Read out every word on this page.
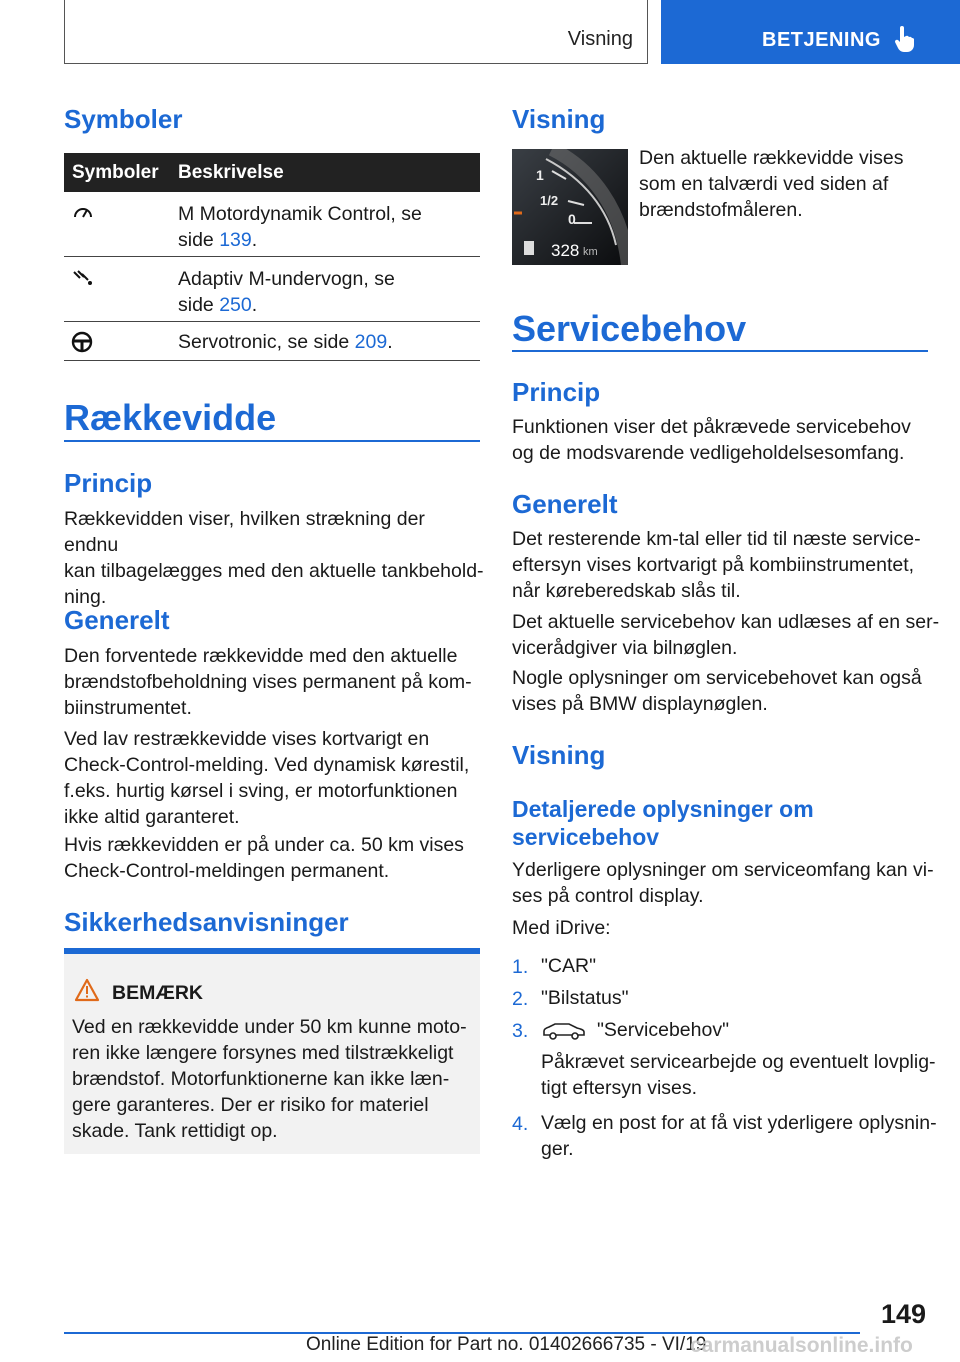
Visning	BETJENING
Symboler
Symboler Beskrivelse

M Motordynamik Control, se
side 139.

Adaptiv M-undervogn, se
side 250.

Servotronic, se side 209.

Rækkevidde
Princip

Rækkevidden viser, hvilken strækning der endnu
kan tilbagelægges med den aktuelle tankbehold-
ning.

Generelt

Den forventede rækkevidde med den aktuelle
brændstofbeholdning vises permanent på kom-
biinstrumentet.

Ved lav restrækkevidde vises kortvarigt en
Check-Control-melding. Ved dynamisk kørestil,
f.eks. hurtig kørsel i sving, er motorfunktionen
ikke altid garanteret.

Hvis rækkevidden er på under ca. 50 km vises
Check-Control-meldingen permanent.

Sikkerhedsanvisninger
BEMÆRK

Ved en rækkevidde under 50 km kunne moto-
ren ikke længere forsynes med tilstrækkeligt
brændstof. Motorfunktionerne kan ikke læn-
gere garanteres. Der er risiko for materiel
skade. Tank rettidigt op.

Visning
1
1/2
0
328 km

Den aktuelle rækkevidde vises
som en talværdi ved siden af
brændstofmåleren.

Servicebehov
Princip

Funktionen viser det påkrævede servicebehov
og de modsvarende vedligeholdelsesomfang.

Generelt

Det resterende km-tal eller tid til næste service-
eftersyn vises kortvarigt på kombiinstrumentet,
når køreberedskab slås til.

Det aktuelle servicebehov kan udlæses af en ser-
vicerådgiver via bilnøglen.

Nogle oplysninger om servicebehovet kan også
vises på BMW displaynøglen.

Visning
Detaljerede oplysninger om
servicebehov

Yderligere oplysninger om serviceomfang kan vi-
ses på control display.

Med iDrive:

1. "CAR"

2. "Bilstatus"

3.	"Servicebehov"

Påkrævet servicearbejde og eventuelt lovplig-
tigt eftersyn vises.

4. Vælg en post for at få vist yderligere oplysnin-
ger.

149
Online Edition for Part no. 01402666735 - VI/19
carmanualsonline.info
